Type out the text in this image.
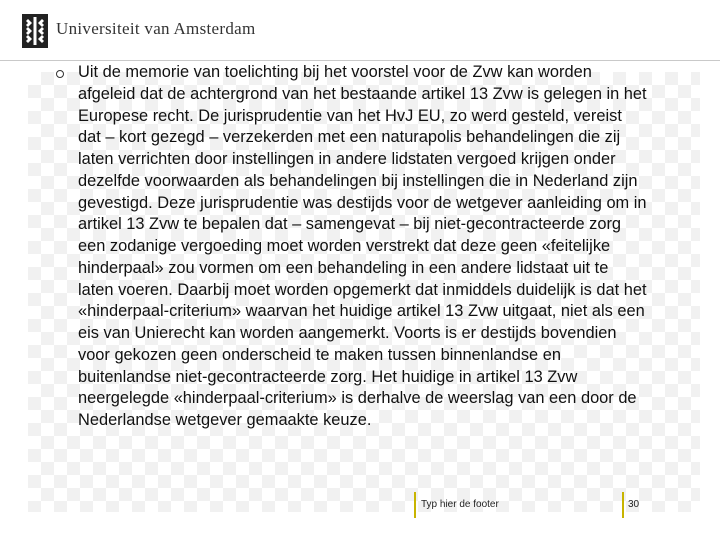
Universiteit van Amsterdam

Uit de memorie van toelichting bij het voorstel voor de Zvw kan worden afgeleid dat de achtergrond van het bestaande artikel 13 Zvw is gelegen in het Europese recht. De jurisprudentie van het HvJ EU, zo werd gesteld, vereist dat – kort gezegd – verzekerden met een naturapolis behandelingen die zij laten verrichten door instellingen in andere lidstaten vergoed krijgen onder dezelfde voorwaarden als behandelingen bij instellingen die in Nederland zijn gevestigd. Deze jurisprudentie was destijds voor de wetgever aanleiding om in artikel 13 Zvw te bepalen dat – samengevat – bij niet-gecontracteerde zorg een zodanige vergoeding moet worden verstrekt dat deze geen «feitelijke hinderpaal» zou vormen om een behandeling in een andere lidstaat uit te laten voeren. Daarbij moet worden opgemerkt dat inmiddels duidelijk is dat het «hinderpaal-criterium» waarvan het huidige artikel 13 Zvw uitgaat, niet als een eis van Unierecht kan worden aangemerkt. Voorts is er destijds bovendien voor gekozen geen onderscheid te maken tussen binnenlandse en buitenlandse niet-gecontracteerde zorg. Het huidige in artikel 13 Zvw neergelegde «hinderpaal-criterium» is derhalve de weerslag van een door de Nederlandse wetgever gemaakte keuze.

Typ hier de footer	30
